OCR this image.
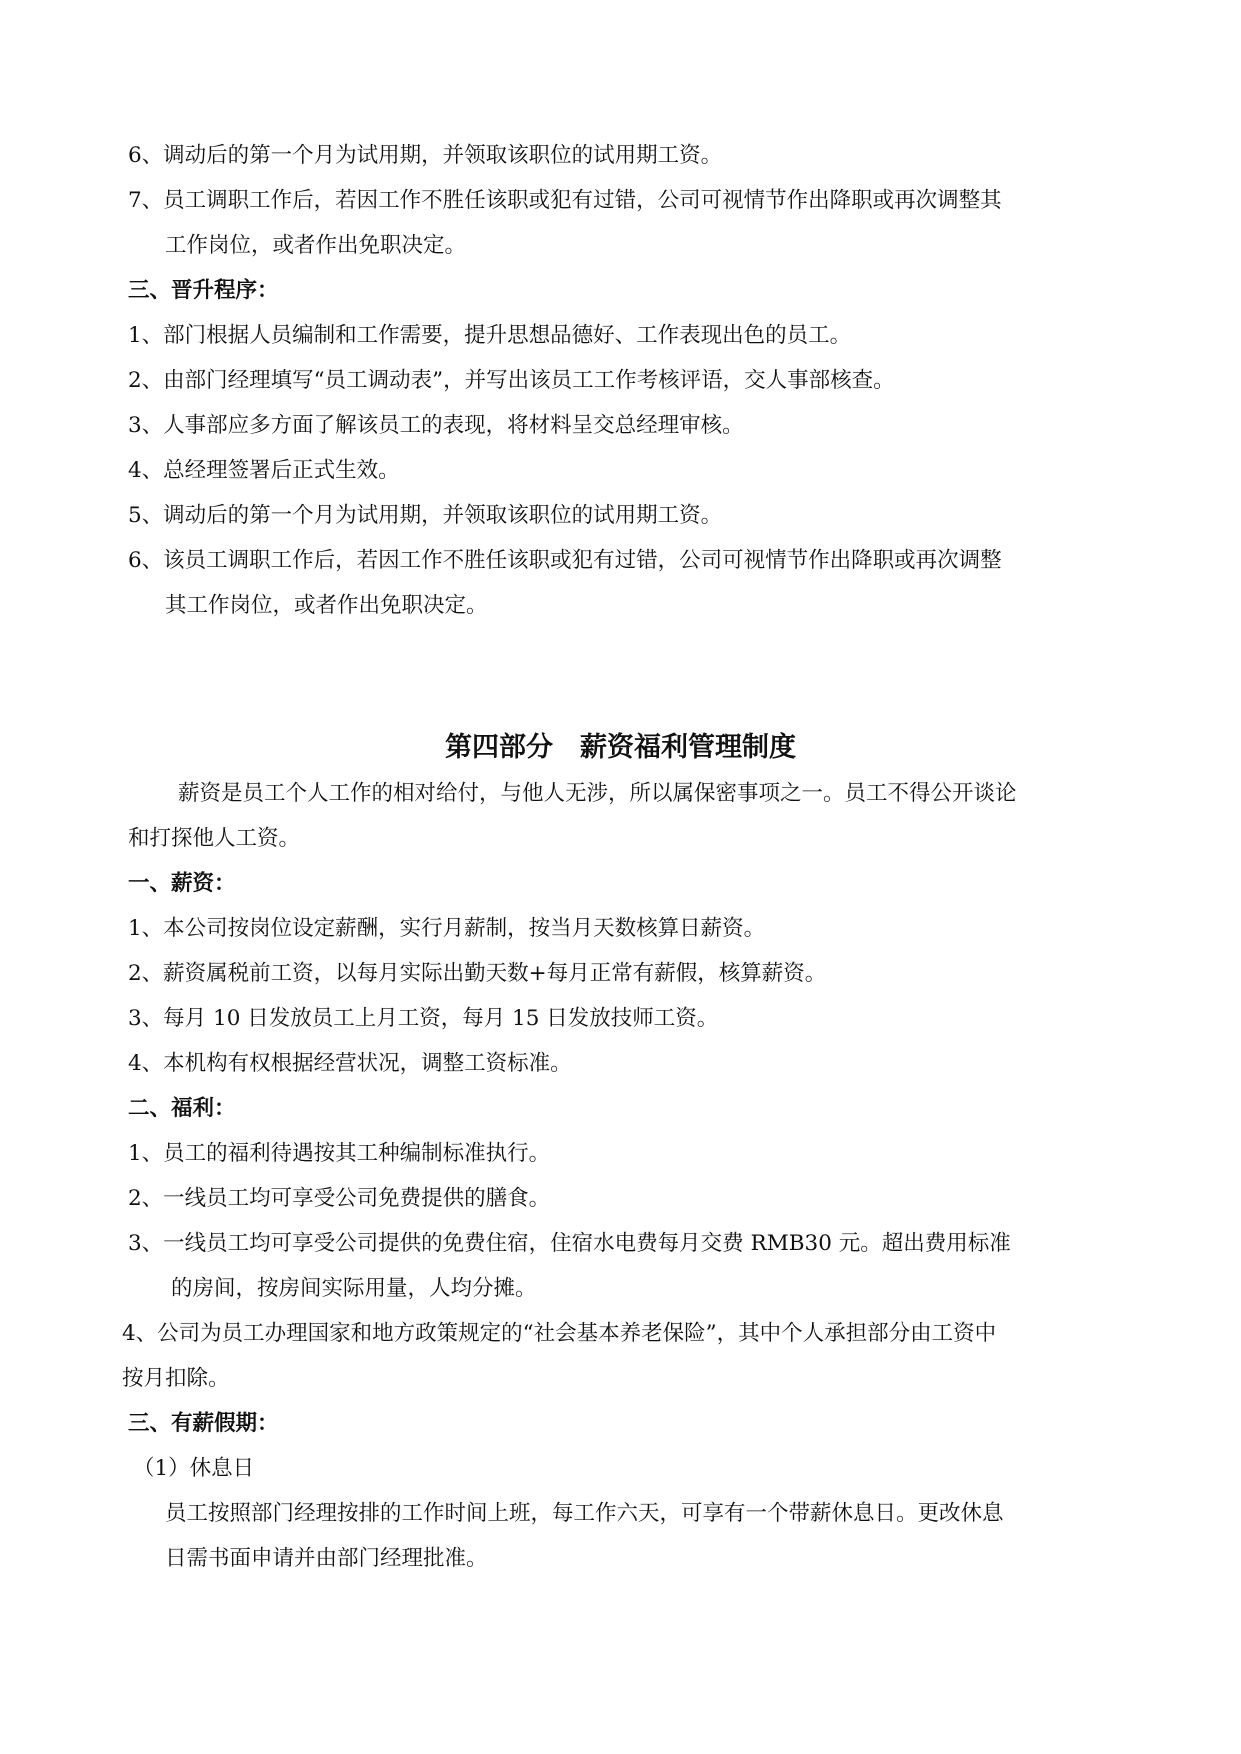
6、调动后的第一个月为试用期，并领取该职位的试用期工资。
7、员工调职工作后，若因工作不胜任该职或犯有过错，公司可视情节作出降职或再次调整其
工作岗位，或者作出免职决定。
三、晋升程序：
1、部门根据人员编制和工作需要，提升思想品德好、工作表现出色的员工。
2、由部门经理填写“员工调动表”，并写出该员工工作考核评语，交人事部核查。
3、人事部应多方面了解该员工的表现，将材料呈交总经理审核。
4、总经理签署后正式生效。
5、调动后的第一个月为试用期，并领取该职位的试用期工资。
6、该员工调职工作后，若因工作不胜任该职或犯有过错，公司可视情节作出降职或再次调整
其工作岗位，或者作出免职决定。
第四部分　薪资福利管理制度
薪资是员工个人工作的相对给付，与他人无涉，所以属保密事项之一。员工不得公开谈论
和打探他人工资。
一、薪资：
1、本公司按岗位设定薪酬，实行月薪制，按当月天数核算日薪资。
2、薪资属税前工资，以每月实际出勤天数+每月正常有薪假，核算薪资。
3、每月 10 日发放员工上月工资，每月 15 日发放技师工资。
4、本机构有权根据经营状况，调整工资标准。
二、福利：
1、员工的福利待遇按其工种编制标准执行。
2、一线员工均可享受公司免费提供的膳食。
3、一线员工均可享受公司提供的免费住宿，住宿水电费每月交费 RMB30 元。超出费用标准
的房间，按房间实际用量，人均分摊。
4、公司为员工办理国家和地方政策规定的“社会基本养老保险”，其中个人承担部分由工资中
按月扣除。
三、有薪假期：
（1）休息日
员工按照部门经理按排的工作时间上班，每工作六天，可享有一个带薪休息日。更改休息
日需书面申请并由部门经理批准。
